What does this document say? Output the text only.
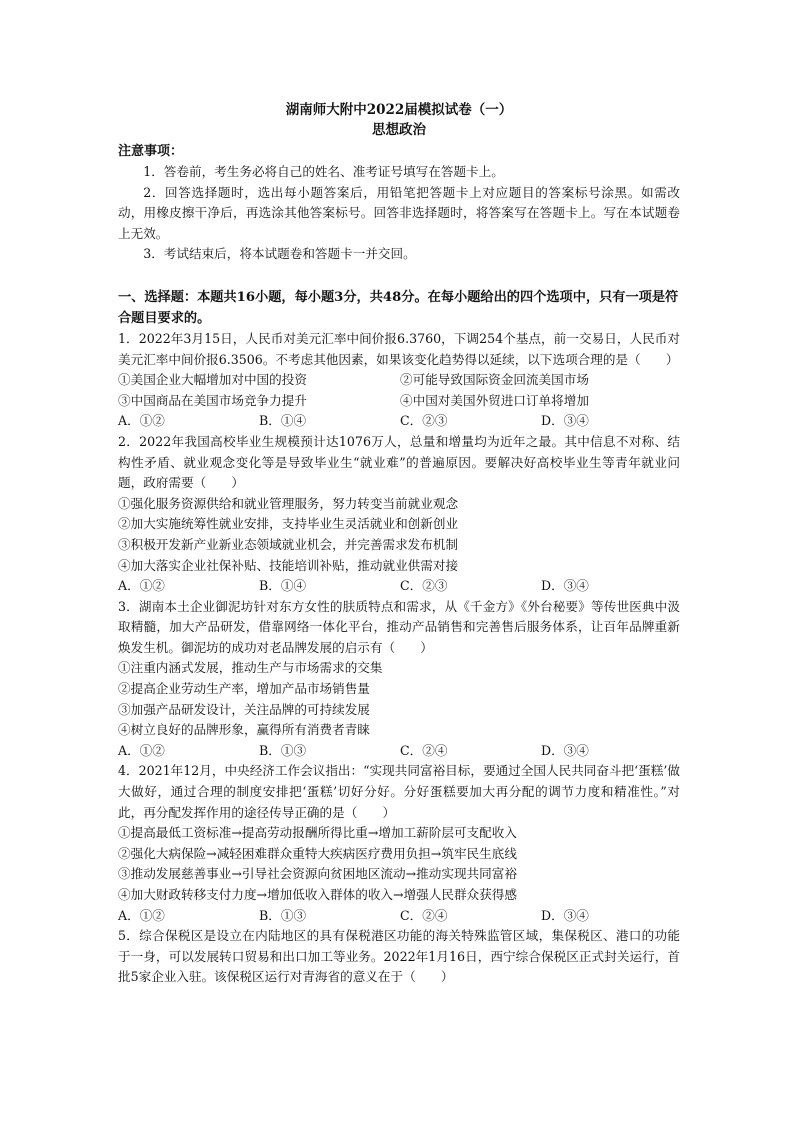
湖南师大附中2022届模拟试卷（一）
思想政治
注意事项：
1．答卷前，考生务必将自己的姓名、准考证号填写在答题卡上。
2．回答选择题时，选出每小题答案后，用铅笔把答题卡上对应题目的答案标号涂黑。如需改动，用橡皮擦干净后，再选涂其他答案标号。回答非选择题时，将答案写在答题卡上。写在本试题卷上无效。
3．考试结束后，将本试题卷和答题卡一并交回。
一、选择题：本题共16小题，每小题3分，共48分。在每小题给出的四个选项中，只有一项是符合题目要求的。
1．2022年3月15日，人民币对美元汇率中间价报6.3760，下调254个基点，前一交易日，人民币对美元汇率中间价报6.3506。不考虑其他因素，如果该变化趋势得以延续，以下选项合理的是（　　）
①美国企业大幅增加对中国的投资	②可能导致国际资金回流美国市场
③中国商品在美国市场竞争力提升	④中国对美国外贸进口订单将增加
A．①②	B．①④	C．②③	D．③④
2．2022年我国高校毕业生规模预计达1076万人，总量和增量均为近年之最。其中信息不对称、结构性矛盾、就业观念变化等是导致毕业生“就业难”的普遍原因。要解决好高校毕业生等青年就业问题，政府需要（　　）
①强化服务资源供给和就业管理服务，努力转变当前就业观念
②加大实施统筹性就业安排，支持毕业生灵活就业和创新创业
③积极开发新产业新业态领域就业机会，并完善需求发布机制
④加大落实企业社保补贴、技能培训补贴，推动就业供需对接
A．①②	B．①④	C．②③	D．③④
3．湖南本土企业御泥坊针对东方女性的肤质特点和需求，从《千金方》《外台秘要》等传世医典中汲取精髓，加大产品研发，借靠网络一体化平台，推动产品销售和完善售后服务体系，让百年品牌重新焕发生机。御泥坊的成功对老品牌发展的启示有（　　）
①注重内涵式发展，推动生产与市场需求的交集
②提高企业劳动生产率，增加产品市场销售量
③加强产品研发设计，关注品牌的可持续发展
④树立良好的品牌形象，赢得所有消费者青睐
A．①②	B．①③	C．②④	D．③④
4．2021年12月，中央经济工作会议指出：“实现共同富裕目标，要通过全国人民共同奋斗把‘蛋糕’做大做好，通过合理的制度安排把‘蛋糕’切好分好。分好蛋糕要加大再分配的调节力度和精准性。”对此，再分配发挥作用的途径传导正确的是（　　）
①提高最低工资标准→提高劳动报酬所得比重→增加工薪阶层可支配收入
②强化大病保险→减轻困难群众重特大疾病医疗费用负担→筑牢民生底线
③推动发展慈善事业→引导社会资源向贫困地区流动→推动实现共同富裕
④加大财政转移支付力度→增加低收入群体的收入→增强人民群众获得感
A．①②	B．①③	C．②④	D．③④
5．综合保税区是设立在内陆地区的具有保税港区功能的海关特殊监管区域，集保税区、港口的功能于一身，可以发展转口贸易和出口加工等业务。2022年1月16日，西宁综合保税区正式封关运行，首批5家企业入驻。该保税区运行对青海省的意义在于（　　）
